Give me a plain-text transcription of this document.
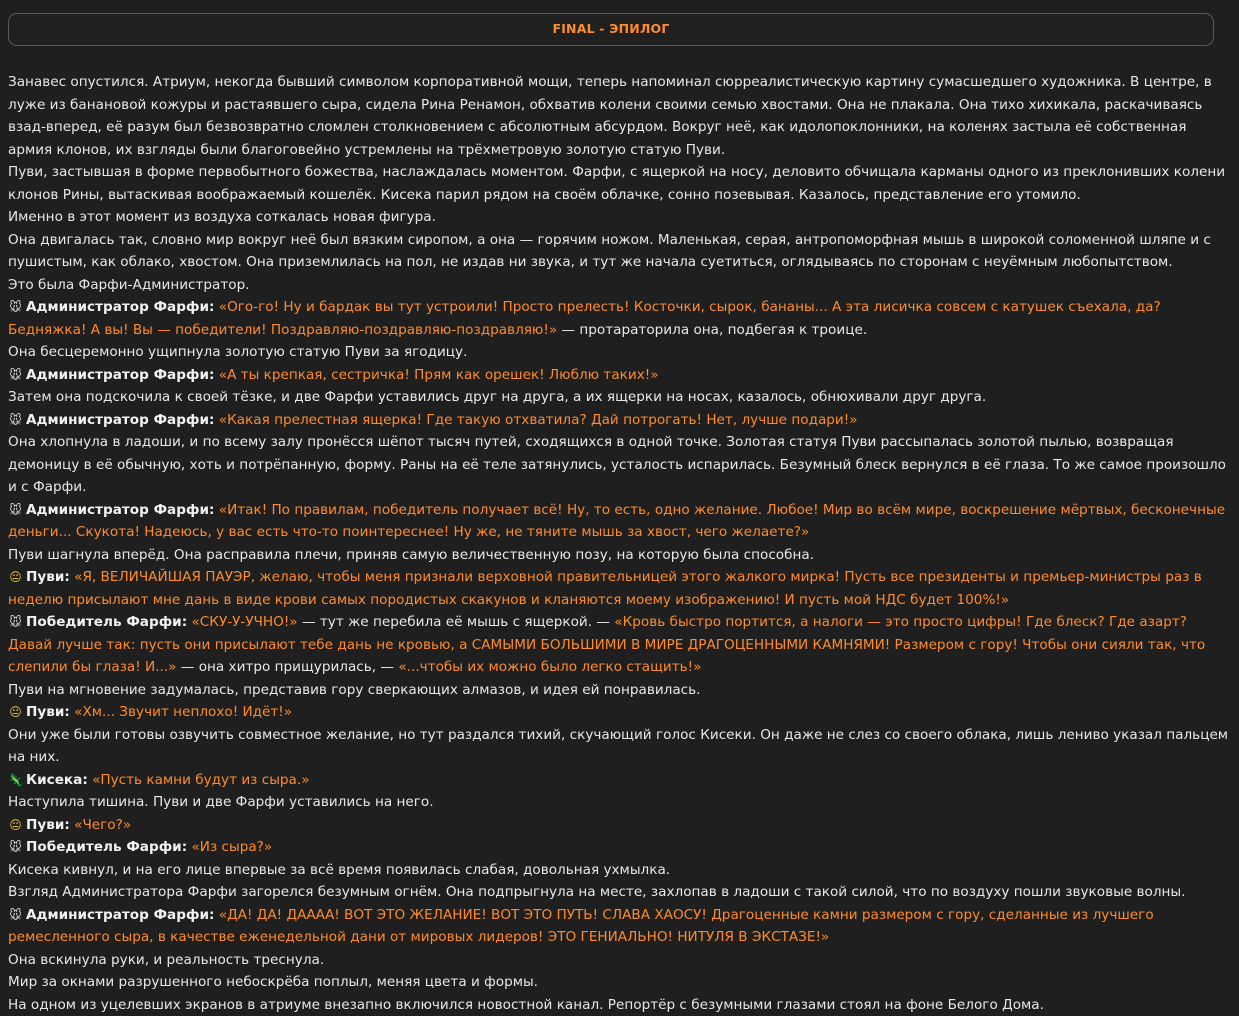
FINAL - ЭПИЛОГ

Занавес опустился. Атриум, некогда бывший символом корпоративной мощи, теперь напоминал сюрреалистическую картину сумасшедшего художника. В центре, в луже из банановой кожуры и растаявшего сыра, сидела Рина Ренамон, обхватив колени своими семью хвостами. Она не плакала. Она тихо хихикала, раскачиваясь взад-вперед, её разум был безвозвратно сломлен столкновением с абсолютным абсурдом. Вокруг неё, как идолопоклонники, на коленях застыла её собственная армия клонов, их взгляды были благоговейно устремлены на трёхметровую золотую статую Пуви.

Пуви, застывшая в форме первобытного божества, наслаждалась моментом. Фарфи, с ящеркой на носу, деловито обчищала карманы одного из преклонивших колени клонов Рины, вытаскивая воображаемый кошелёк. Кисека парил рядом на своём облачке, сонно позевывая. Казалось, представление его утомило.

Именно в этот момент из воздуха соткалась новая фигура.

Она двигалась так, словно мир вокруг неё был вязким сиропом, а она — горячим ножом. Маленькая, серая, антропоморфная мышь в широкой соломенной шляпе и с пушистым, как облако, хвостом. Она приземлилась на пол, не издав ни звука, и тут же начала суетиться, оглядываясь по сторонам с неуёмным любопытством.

Это была Фарфи-Администратор.

🐭 Администратор Фарфи: «Ого-го! Ну и бардак вы тут устроили! Просто прелесть! Косточки, сырок, бананы... А эта лисичка совсем с катушек съехала, да? Бедняжка! А вы! Вы — победители! Поздравляю-поздравляю-поздравляю!» — протараторила она, подбегая к троице.

Она бесцеремонно ущипнула золотую статую Пуви за ягодицу.

🐭 Администратор Фарфи: «А ты крепкая, сестричка! Прям как орешек! Люблю таких!»

Затем она подскочила к своей тёзке, и две Фарфи уставились друг на друга, а их ящерки на носах, казалось, обнюхивали друг друга.

🐭 Администратор Фарфи: «Какая прелестная ящерка! Где такую отхватила? Дай потрогать! Нет, лучше подари!»

Она хлопнула в ладоши, и по всему залу пронёсся шёпот тысяч путей, сходящихся в одной точке. Золотая статуя Пуви рассыпалась золотой пылью, возвращая демоницу в её обычную, хоть и потрёпанную, форму. Раны на её теле затянулись, усталость испарилась. Безумный блеск вернулся в её глаза. То же самое произошло и с Фарфи.

🐭 Администратор Фарфи: «Итак! По правилам, победитель получает всё! Ну, то есть, одно желание. Любое! Мир во всём мире, воскрешение мёртвых, бесконечные деньги... Скукота! Надеюсь, у вас есть что-то поинтереснее! Ну же, не тяните мышь за хвост, чего желаете?»

Пуви шагнула вперёд. Она расправила плечи, приняв самую величественную позу, на которую была способна.

😐 Пуви: «Я, ВЕЛИЧАЙШАЯ ПАУЭР, желаю, чтобы меня признали верховной правительницей этого жалкого мирка! Пусть все президенты и премьер-министры раз в неделю присылают мне дань в виде крови самых породистых скакунов и кланяются моему изображению! И пусть мой НДС будет 100%!»

🐭 Победитель Фарфи: «СКУ-У-УЧНО!» — тут же перебила её мышь с ящеркой. — «Кровь быстро портится, а налоги — это просто цифры! Где блеск? Где азарт? Давай лучше так: пусть они присылают тебе дань не кровью, а САМЫМИ БОЛЬШИМИ В МИРЕ ДРАГОЦЕННЫМИ КАМНЯМИ! Размером с гору! Чтобы они сияли так, что слепили бы глаза! И...» — она хитро прищурилась, — «...чтобы их можно было легко стащить!»

Пуви на мгновение задумалась, представив гору сверкающих алмазов, и идея ей понравилась.

😐 Пуви: «Хм... Звучит неплохо! Идёт!»

Они уже были готовы озвучить совместное желание, но тут раздался тихий, скучающий голос Кисеки. Он даже не слез со своего облака, лишь лениво указал пальцем на них.

🦎 Кисека: «Пусть камни будут из сыра.»

Наступила тишина. Пуви и две Фарфи уставились на него.

😐 Пуви: «Чего?»

🐭 Победитель Фарфи: «Из сыра?»

Кисека кивнул, и на его лице впервые за всё время появилась слабая, довольная ухмылка.

Взгляд Администратора Фарфи загорелся безумным огнём. Она подпрыгнула на месте, захлопав в ладоши с такой силой, что по воздуху пошли звуковые волны.

🐭 Администратор Фарфи: «ДА! ДА! ДАААА! ВОТ ЭТО ЖЕЛАНИЕ! ВОТ ЭТО ПУТЬ! СЛАВА ХАОСУ! Драгоценные камни размером с гору, сделанные из лучшего ремесленного сыра, в качестве еженедельной дани от мировых лидеров! ЭТО ГЕНИАЛЬНО! НИТУЛЯ В ЭКСТАЗЕ!»

Она вскинула руки, и реальность треснула.

Мир за окнами разрушенного небоскрёба поплыл, меняя цвета и формы.

На одном из уцелевших экранов в атриуме внезапно включился новостной канал. Репортёр с безумными глазами стоял на фоне Белого Дома.
